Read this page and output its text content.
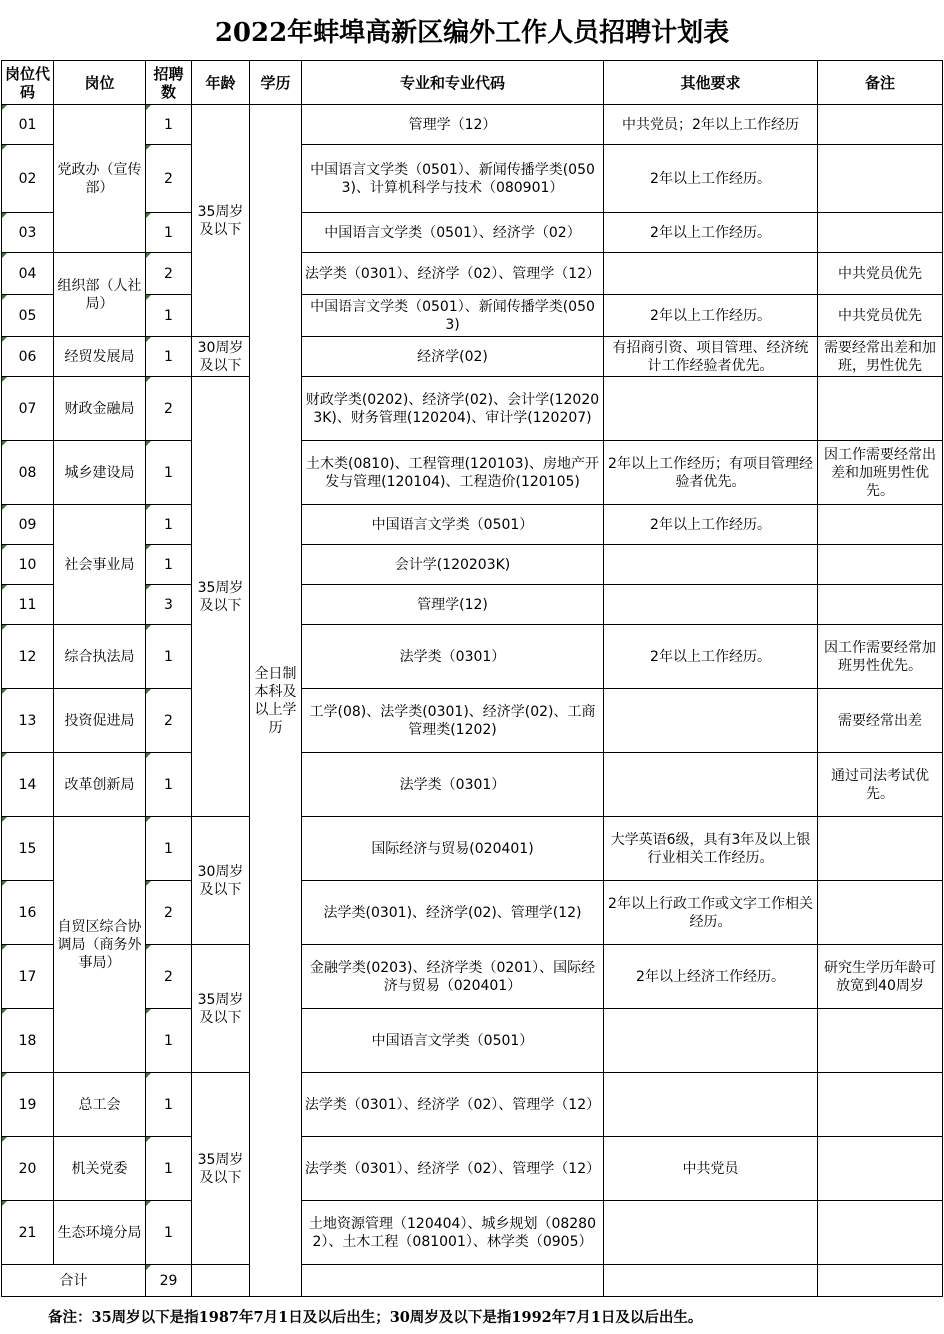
2022年蚌埠高新区编外工作人员招聘计划表
岗位代码	岗位	招聘数	年龄	学历	专业和专业代码	其他要求	备注	

01	党政办（宣传部）	1	35周岁及以下	全日制本科及以上学历	管理学（12）	中共党员；2年以上工作经历		

02		2			中国语言文学类（0501）、新闻传播学类(0503)、计算机科学与技术（080901）	2年以上工作经历。		

03		1			中国语言文学类（0501）、经济学（02）	2年以上工作经历。		

04	组织部（人社局）	2			法学类（0301）、经济学（02）、管理学（12）		中共党员优先	

05		1			中国语言文学类（0501）、新闻传播学类(0503)	2年以上工作经历。	中共党员优先	

06	经贸发展局	1	30周岁及以下		经济学(02)	有招商引资、项目管理、经济统计工作经验者优先。	需要经常出差和加班，男性优先	

07	财政金融局	2	35周岁及以下		财政学类(0202)、经济学(02)、会计学(120203K)、财务管理(120204)、审计学(120207)			

08	城乡建设局	1			土木类(0810)、工程管理(120103)、房地产开发与管理(120104)、工程造价(120105)	2年以上工作经历；有项目管理经验者优先。	因工作需要经常出差和加班男性优先。	

09	社会事业局	1			中国语言文学类（0501）	2年以上工作经历。		

10		1			会计学(120203K)			

11		3			管理学(12)			

12	综合执法局	1			法学类（0301）	2年以上工作经历。	因工作需要经常加班男性优先。	

13	投资促进局	2			工学(08)、法学类(0301)、经济学(02)、工商管理类(1202)		需要经常出差	

14	改革创新局	1			法学类（0301）		通过司法考试优先。	

15	自贸区综合协调局（商务外事局）	1	30周岁及以下		国际经济与贸易(020401)	大学英语6级，具有3年及以上银行业相关工作经历。		

16		2			法学类(0301)、经济学(02)、管理学(12)	2年以上行政工作或文字工作相关经历。		

17		2	35周岁及以下		金融学类(0203)、经济学类（0201）、国际经济与贸易（020401）	2年以上经济工作经历。	研究生学历年龄可放宽到40周岁	

18		1			中国语言文学类（0501）			

19	总工会	1	35周岁及以下		法学类（0301）、经济学（02）、管理学（12）			

20	机关党委	1			法学类（0301）、经济学（02）、管理学（12）	中共党员		

21	生态环境分局	1			土地资源管理（120404）、城乡规划（082802）、土木工程（081001）、林学类（0905）			
合计		29						
备注：35周岁以下是指1987年7月1日及以后出生；30周岁及以下是指1992年7月1日及以后出生。
